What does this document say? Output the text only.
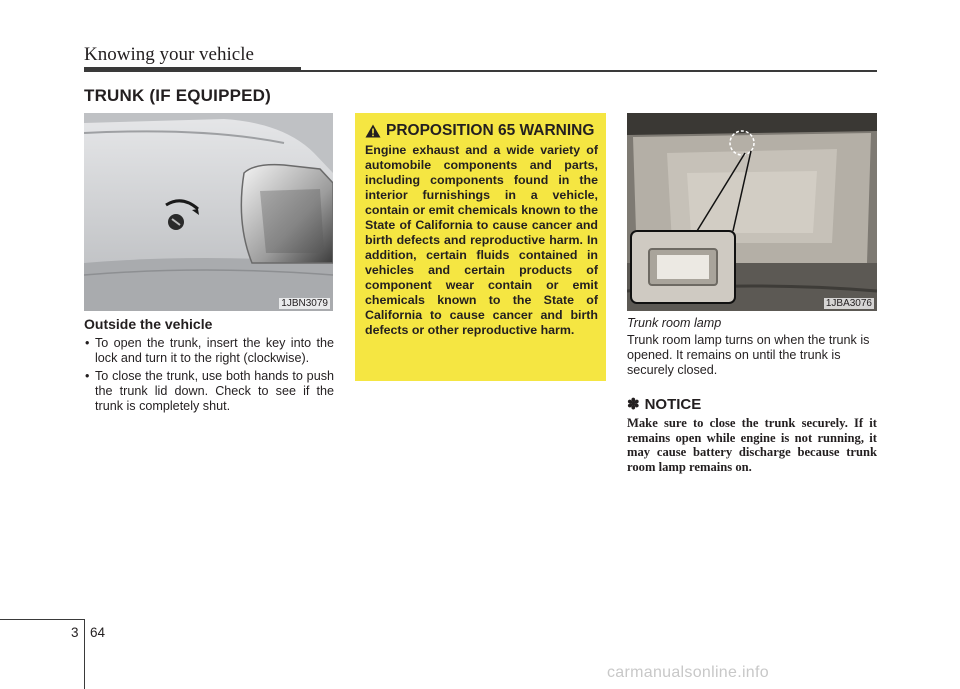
Knowing your vehicle
TRUNK (IF EQUIPPED)
1JBN3079
Outside the vehicle
• To open the trunk, insert the key into the lock and turn it to the right (clockwise).
• To close the trunk, use both hands to push the trunk lid down. Check to see if the trunk is completely shut.
PROPOSITION 65 WARNING
Engine exhaust and a wide variety of automobile components and parts, including components found in the interior furnishings in a vehicle, contain or emit chemicals known to the State of California to cause cancer and birth defects and reproductive harm. In addition, certain fluids contained in vehicles and certain products of component wear contain or emit chemicals known to the State of California to cause cancer and birth defects or other reproductive harm.
1JBA3076
Trunk room lamp
Trunk room lamp turns on when the trunk is opened. It remains on until the trunk is securely closed.
✽ NOTICE
Make sure to close the trunk securely. If it remains open while engine is not running, it may cause battery discharge because trunk room lamp remains on.
3 64
carmanualsonline.info
